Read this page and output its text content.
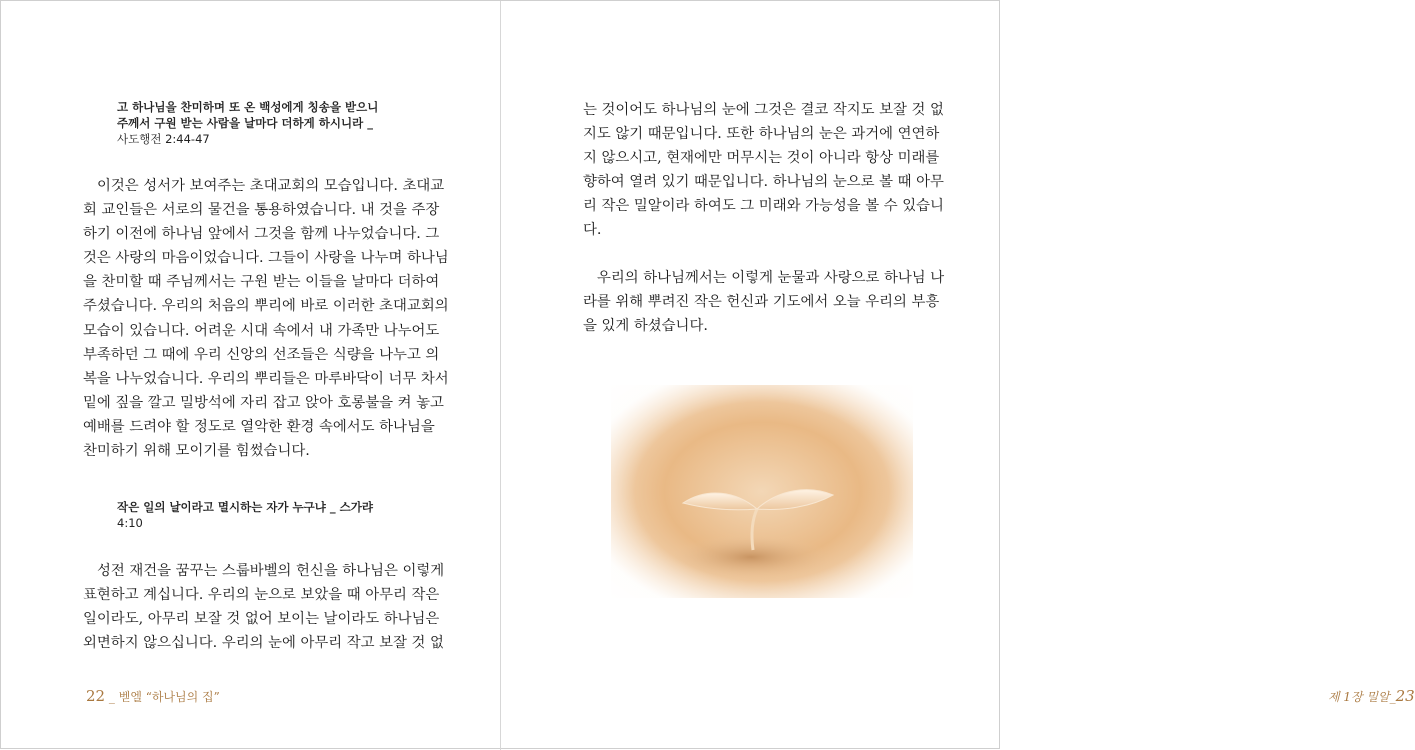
고 하나님을 찬미하며 또 온 백성에게 칭송을 받으니
주께서 구원 받는 사람을 날마다 더하게 하시니라 _
사도행전 2:44-47
이것은 성서가 보여주는 초대교회의 모습입니다. 초대교
회 교인들은 서로의 물건을 통용하였습니다. 내 것을 주장
하기 이전에 하나님 앞에서 그것을 함께 나누었습니다. 그
것은 사랑의 마음이었습니다. 그들이 사랑을 나누며 하나님
을 찬미할 때 주님께서는 구원 받는 이들을 날마다 더하여
주셨습니다. 우리의 처음의 뿌리에 바로 이러한 초대교회의
모습이 있습니다. 어려운 시대 속에서 내 가족만 나누어도
부족하던 그 때에 우리 신앙의 선조들은 식량을 나누고 의
복을 나누었습니다. 우리의 뿌리들은 마루바닥이 너무 차서
밑에 짚을 깔고 밀방석에 자리 잡고 앉아 호롱불을 켜 놓고
예배를 드려야 할 정도로 열악한 환경 속에서도 하나님을
찬미하기 위해 모이기를 힘썼습니다.
작은 일의 날이라고 멸시하는 자가 누구냐 _ 스가랴
4:10
성전 재건을 꿈꾸는 스룹바벨의 헌신을 하나님은 이렇게
표현하고 계십니다. 우리의 눈으로 보았을 때 아무리 작은
일이라도, 아무리 보잘 것 없어 보이는 날이라도 하나님은
외면하지 않으십니다. 우리의 눈에 아무리 작고 보잘 것 없
22 _ 벧엘 “하나님의 집”
는 것이어도 하나님의 눈에 그것은 결코 작지도 보잘 것 없
지도 않기 때문입니다. 또한 하나님의 눈은 과거에 연연하
지 않으시고, 현재에만 머무시는 것이 아니라 항상 미래를
향하여 열려 있기 때문입니다. 하나님의 눈으로 볼 때 아무
리 작은 밀알이라 하여도 그 미래와 가능성을 볼 수 있습니
다.
우리의 하나님께서는 이렇게 눈물과 사랑으로 하나님 나
라를 위해 뿌려진 작은 헌신과 기도에서 오늘 우리의 부흥
을 있게 하셨습니다.
제 1장 밀알_23
